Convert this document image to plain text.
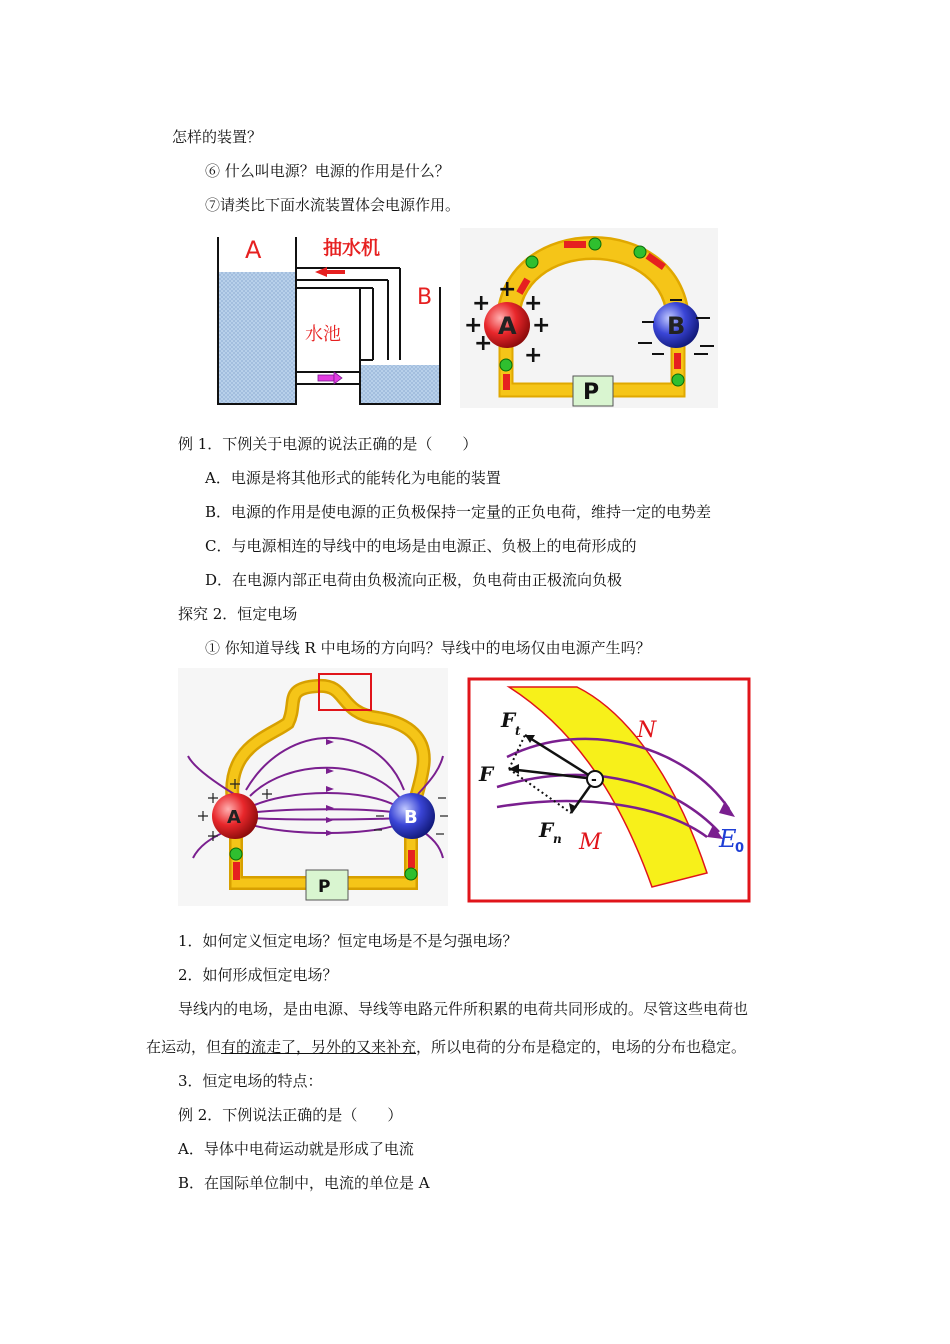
怎样的装置？
⑥ 什么叫电源？电源的作用是什么？
⑦请类比下面水流装置体会电源作用。
A
B
抽水机
水池	A	B
+
+
+
+ +
+ +
P
例 1．下例关于电源的说法正确的是（　　）
A．电源是将其他形式的能转化为电能的装置
B．电源的作用是使电源的正负极保持一定量的正负电荷，维持一定的电势差
C．与电源相连的导线中的电场是由电源正、负极上的电荷形成的
D．在电源内部正电荷由负极流向正极，负电荷由正极流向负极
探究 2．恒定电场
① 你知道导线 R 中电场的方向吗？导线中的电场仅由电源产生吗？
A	B
P
-
N
M
F
F t
F n	E
0
1．如何定义恒定电场？恒定电场是不是匀强电场？
2．如何形成恒定电场？
导线内的电场，是由电源、导线等电路元件所积累的电荷共同形成的。尽管这些电荷也
在运动，但有的流走了，另外的又来补充，所以电荷的分布是稳定的，电场的分布也稳定。
3．恒定电场的特点：
例 2．下例说法正确的是（　　）
A．导体中电荷运动就是形成了电流
B．在国际单位制中，电流的单位是 A
